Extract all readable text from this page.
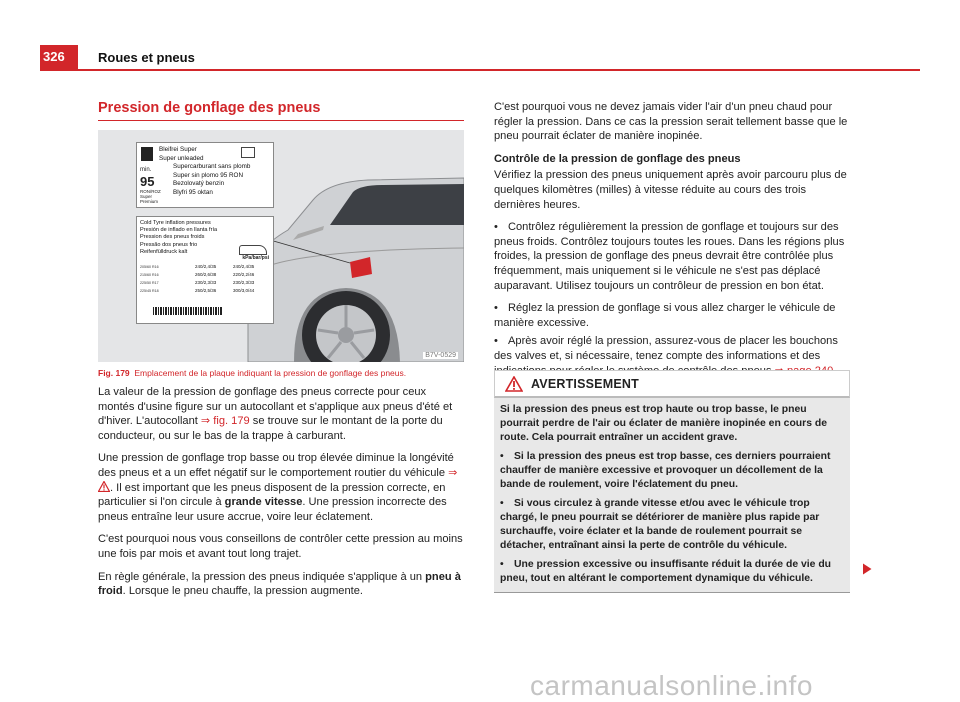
326	Roues et pneus
Pression de gonflage des pneus
min.
95
RON/ROZ
Super
Premium
Bleifrei Super
Super unleaded
Supercarburant sans plomb
Super sin plomo 95 RON
Bezolovatý benzin
Blyfri 95 oktan
Cold Tyre inflation pressures
Presión de inflado en llanta fría
Pression des pneus froids
Pressão dos pneus frio
Reifenfülldruck kalt
kPa/bar/psi
205/60 R16
215/60 R16
225/50 R17
225/45 R18
240/2,4/35
260/2,6/38
230/2,3/33
250/2,5/36
240/2,4/35
220/2,2/46
230/2,3/33
300/3,0/44
B7V-0529
Fig. 179 Emplacement de la plaque indiquant la pression de gonflage des pneus.

La valeur de la pression de gonflage des pneus correcte pour ceux montés d'usine figure sur un autocollant et s'applique aux pneus d'été et d'hiver. L'autocollant ⇒ fig. 179 se trouve sur le montant de la porte du conducteur, ou sur le bas de la trappe à carburant.

Une pression de gonflage trop basse ou trop élevée diminue la longévité des pneus et a un effet négatif sur le comportement routier du véhicule ⇒ . Il est important que les pneus disposent de la pression correcte, en particulier si l'on circule à grande vitesse. Une pression incorrecte des pneus entraîne leur usure accrue, voire leur éclatement.

C'est pourquoi nous vous conseillons de contrôler cette pression au moins une fois par mois et avant tout long trajet.

En règle générale, la pression des pneus indiquée s'applique à un pneu à froid. Lorsque le pneu chauffe, la pression augmente.

C'est pourquoi vous ne devez jamais vider l'air d'un pneu chaud pour régler la pression. Dans ce cas la pression serait tellement basse que le pneu pourrait éclater de manière inopinée.

Contrôle de la pression de gonflage des pneus

Vérifiez la pression des pneus uniquement après avoir parcouru plus de quelques kilomètres (milles) à vitesse réduite au cours des trois dernières heures.

• Contrôlez régulièrement la pression de gonflage et toujours sur des pneus froids. Contrôlez toujours toutes les roues. Dans les régions plus froides, la pression de gonflage des pneus devrait être contrôlée plus fréquemment, mais uniquement si le véhicule ne s'est pas déplacé auparavant. Utilisez toujours un contrôleur de pression en bon état.

• Réglez la pression de gonflage si vous allez charger le véhicule de manière excessive.

• Après avoir réglé la pression, assurez-vous de placer les bouchons des valves et, si nécessaire, tenez compte des informations et des

AVERTISSEMENT

Si la pression des pneus est trop haute ou trop basse, le pneu pourrait perdre de l'air ou éclater de manière inopinée en cours de route. Cela pourrait entraîner un accident grave.

• Si la pression des pneus est trop basse, ces derniers pourraient chauffer de manière excessive et provoquer un décollement de la bande de roulement, voire l'éclatement du pneu.

• Si vous circulez à grande vitesse et/ou avec le véhicule trop chargé, le pneu pourrait se détériorer de manière plus rapide par surchauffe, voire éclater et la bande de roulement pourrait se détacher, entraînant ainsi la perte de contrôle du véhicule.

• Une pression excessive ou insuffisante réduit la durée de vie du pneu, tout en altérant le comportement dynamique du véhicule.

carmanualsonline.info
